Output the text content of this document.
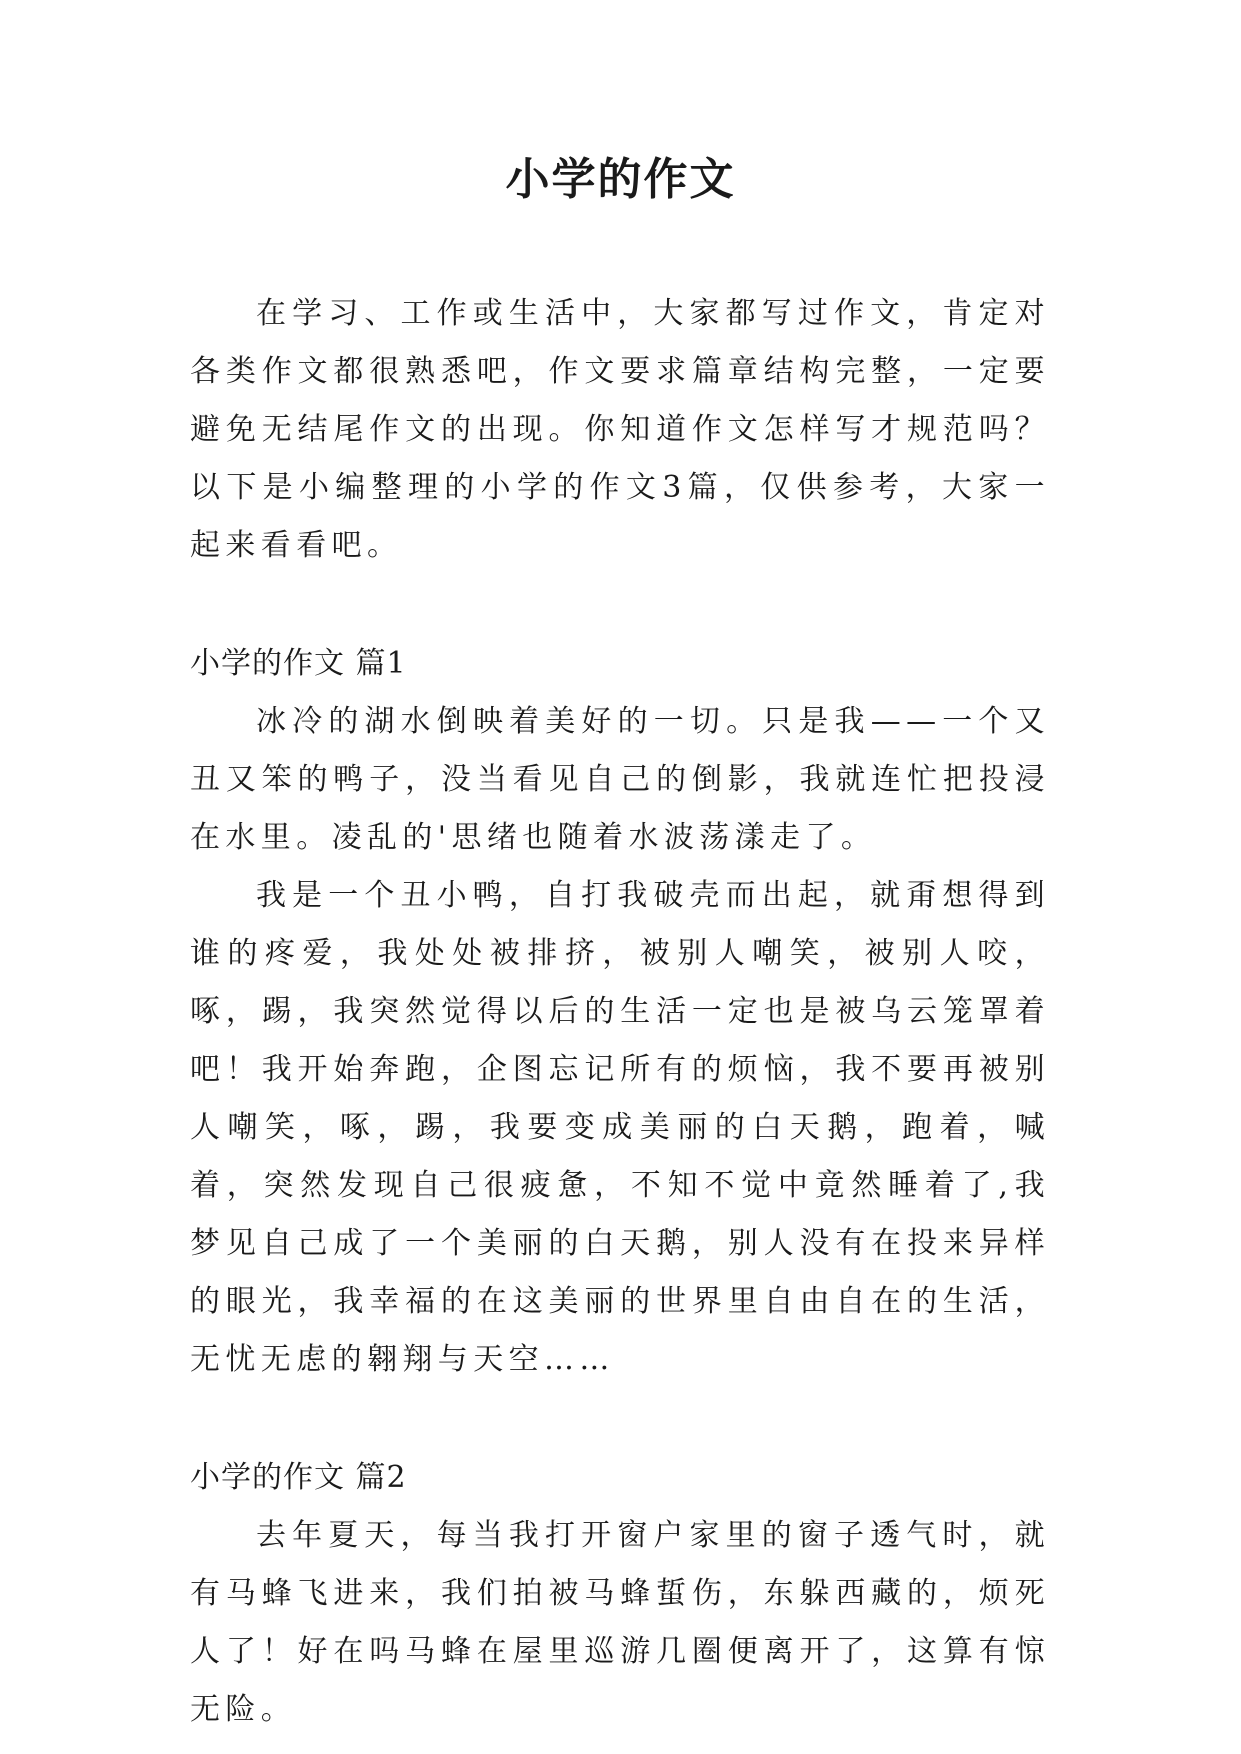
小学的作文

在学习、工作或生活中，大家都写过作文，肯定对各类作文都很熟悉吧，作文要求篇章结构完整，一定要避免无结尾作文的出现。你知道作文怎样写才规范吗？以下是小编整理的小学的作文3篇，仅供参考，大家一起来看看吧。

小学的作文 篇1

冰冷的湖水倒映着美好的一切。只是我——一个又丑又笨的鸭子，没当看见自己的倒影，我就连忙把投浸在水里。凌乱的'思绪也随着水波荡漾走了。

我是一个丑小鸭，自打我破壳而出起，就甭想得到谁的疼爱，我处处被排挤，被别人嘲笑，被别人咬，啄，踢，我突然觉得以后的生活一定也是被乌云笼罩着吧！我开始奔跑，企图忘记所有的烦恼，我不要再被别人嘲笑，啄，踢，我要变成美丽的白天鹅，跑着，喊着，突然发现自己很疲惫，不知不觉中竟然睡着了,我梦见自己成了一个美丽的白天鹅，别人没有在投来异样的眼光，我幸福的在这美丽的世界里自由自在的生活，无忧无虑的翱翔与天空……

小学的作文 篇2

去年夏天，每当我打开窗户家里的窗子透气时，就有马蜂飞进来，我们拍被马蜂蜇伤，东躲西藏的，烦死人了！好在吗马蜂在屋里巡游几圈便离开了，这算有惊无险。
